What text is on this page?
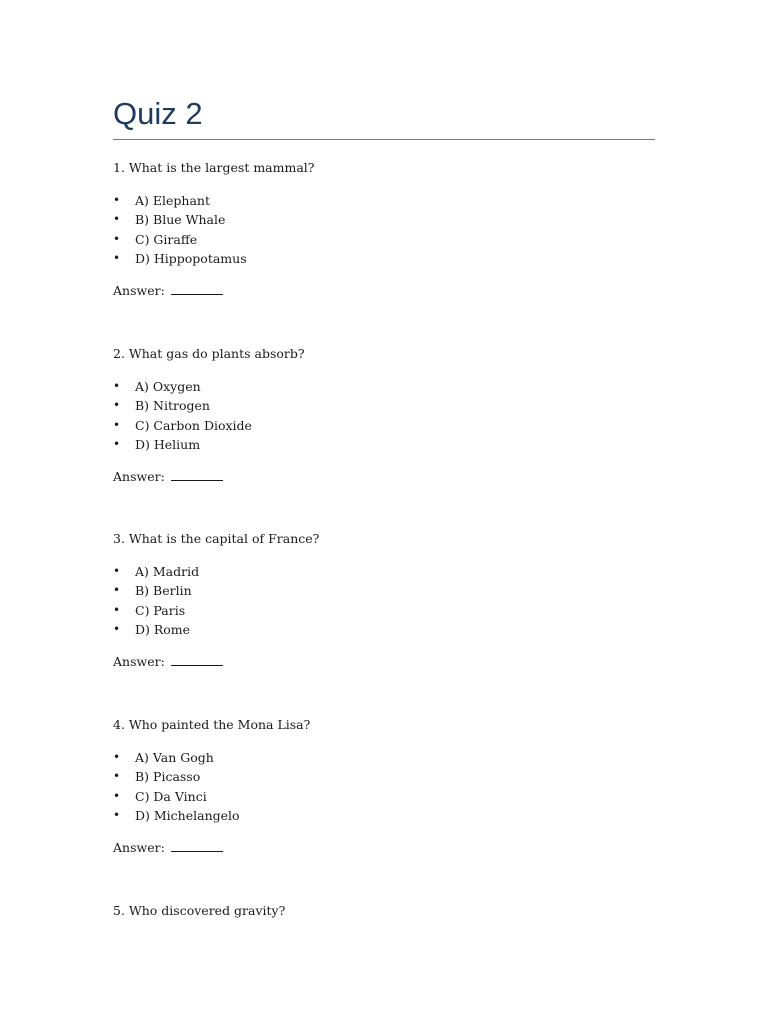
Quiz 2
1. What is the largest mammal?
• A) Elephant
• B) Blue Whale
• C) Giraffe
• D) Hippopotamus
Answer:
2. What gas do plants absorb?
• A) Oxygen
• B) Nitrogen
• C) Carbon Dioxide
• D) Helium
Answer:
3. What is the capital of France?
• A) Madrid
• B) Berlin
• C) Paris
• D) Rome
Answer:
4. Who painted the Mona Lisa?
• A) Van Gogh
• B) Picasso
• C) Da Vinci
• D) Michelangelo
Answer:
5. Who discovered gravity?
